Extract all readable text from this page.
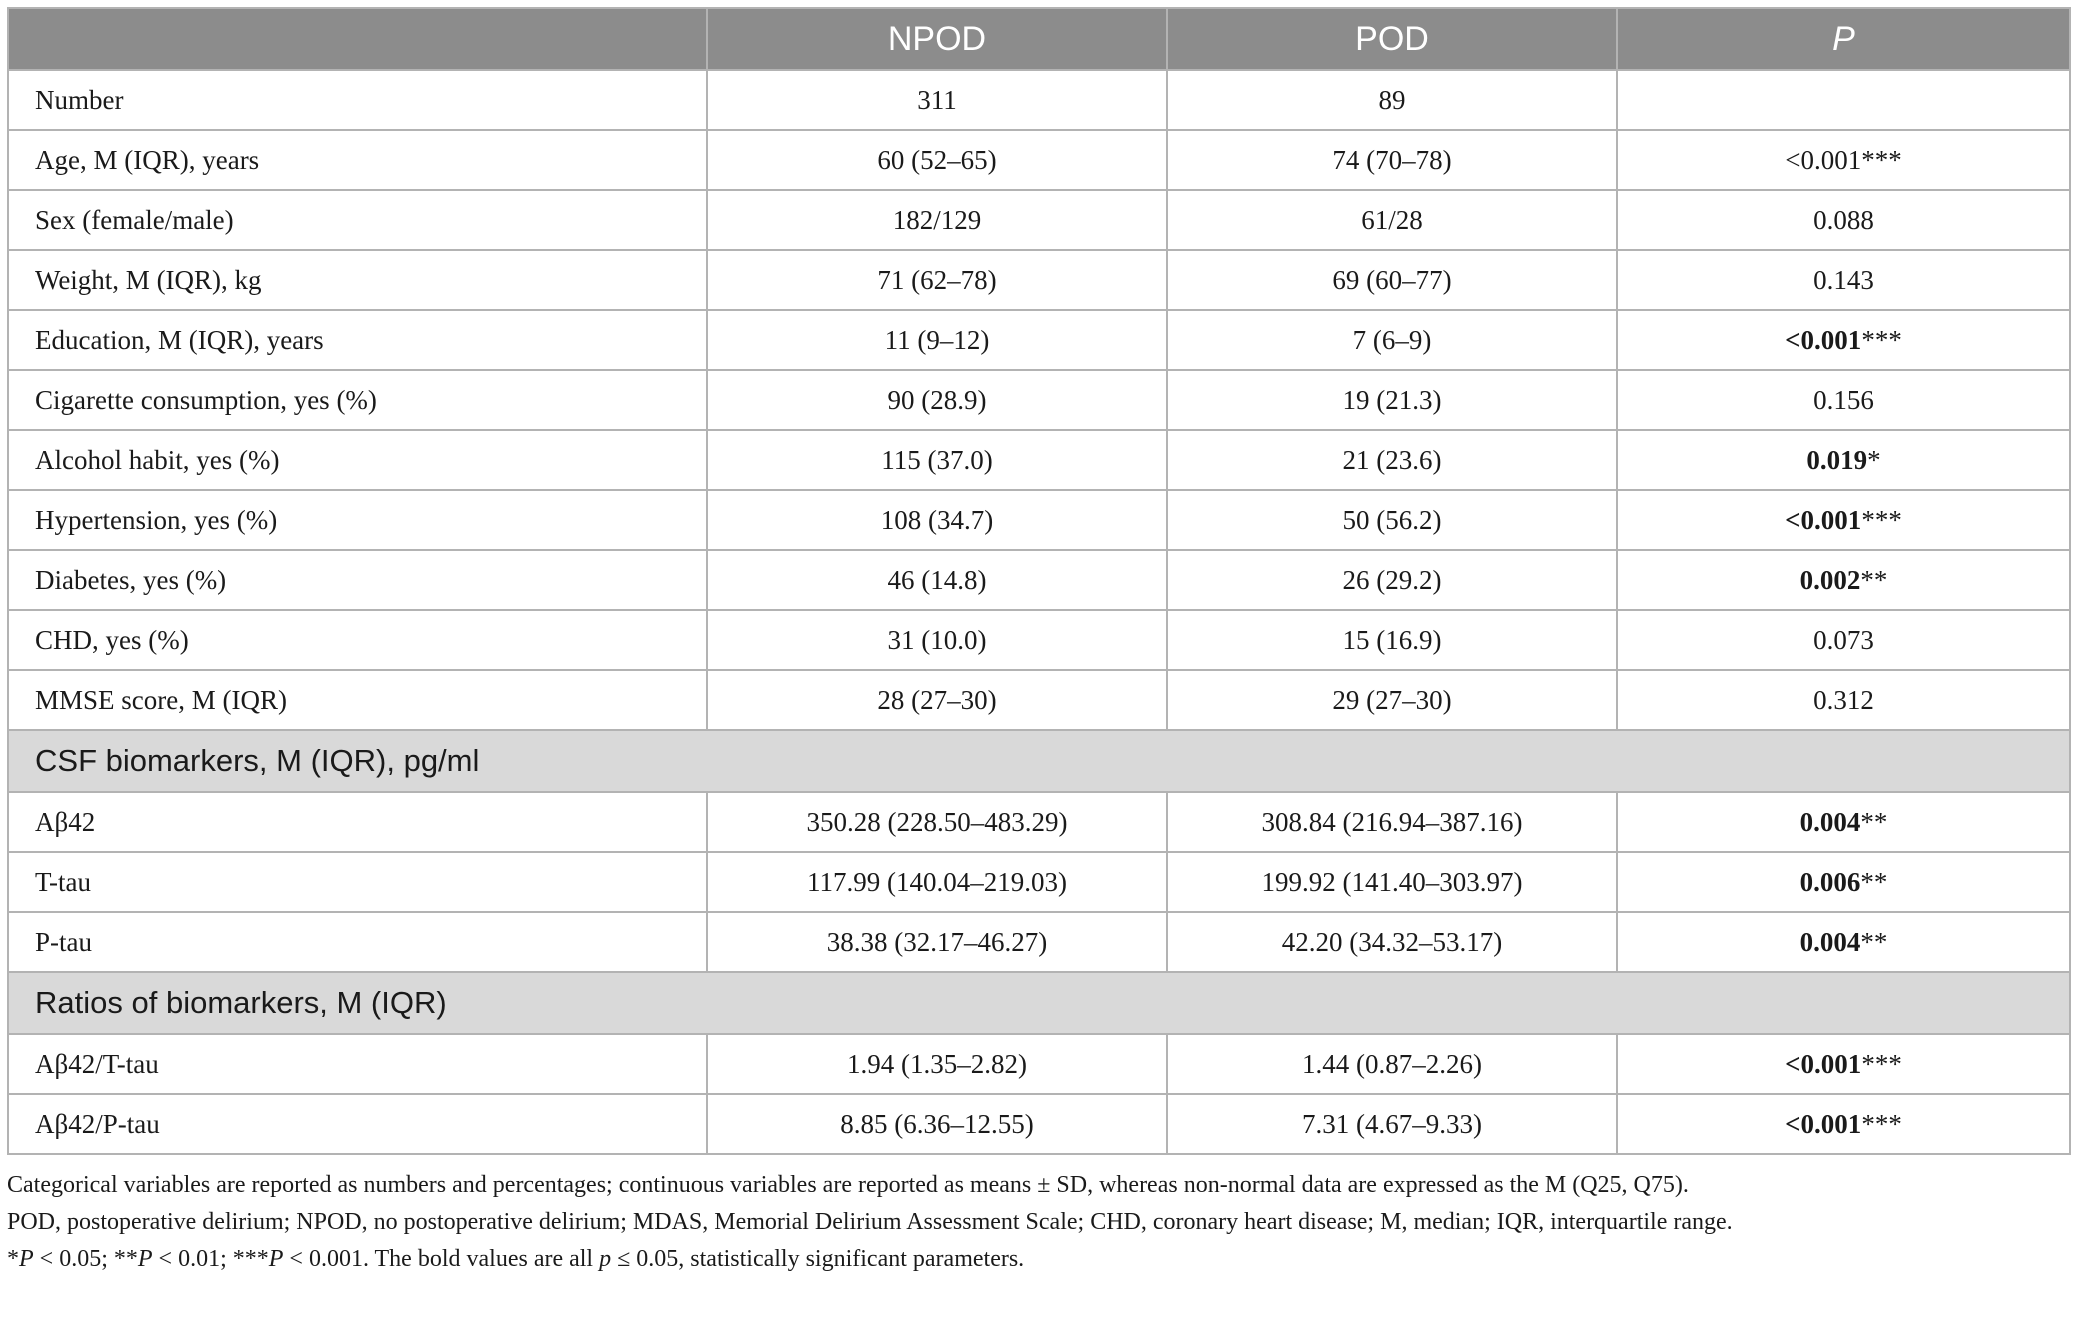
	NPOD	POD	P
Number	311	89	
Age, M (IQR), years	60 (52–65)	74 (70–78)	<0.001***
Sex (female/male)	182/129	61/28	0.088
Weight, M (IQR), kg	71 (62–78)	69 (60–77)	0.143
Education, M (IQR), years	11 (9–12)	7 (6–9)	<0.001***
Cigarette consumption, yes (%)	90 (28.9)	19 (21.3)	0.156
Alcohol habit, yes (%)	115 (37.0)	21 (23.6)	0.019*
Hypertension, yes (%)	108 (34.7)	50 (56.2)	<0.001***
Diabetes, yes (%)	46 (14.8)	26 (29.2)	0.002**
CHD, yes (%)	31 (10.0)	15 (16.9)	0.073
MMSE score, M (IQR)	28 (27–30)	29 (27–30)	0.312
CSF biomarkers, M (IQR), pg/ml			
Aβ42	350.28 (228.50–483.29)	308.84 (216.94–387.16)	0.004**
T-tau	117.99 (140.04–219.03)	199.92 (141.40–303.97)	0.006**
P-tau	38.38 (32.17–46.27)	42.20 (34.32–53.17)	0.004**
Ratios of biomarkers, M (IQR)			
Aβ42/T-tau	1.94 (1.35–2.82)	1.44 (0.87–2.26)	<0.001***
Aβ42/P-tau	8.85 (6.36–12.55)	7.31 (4.67–9.33)	<0.001***

Categorical variables are reported as numbers and percentages; continuous variables are reported as means ± SD, whereas non-normal data are expressed as the M (Q25, Q75).

POD, postoperative delirium; NPOD, no postoperative delirium; MDAS, Memorial Delirium Assessment Scale; CHD, coronary heart disease; M, median; IQR, interquartile range.

*P < 0.05; **P < 0.01; ***P < 0.001. The bold values are all p ≤ 0.05, statistically significant parameters.
